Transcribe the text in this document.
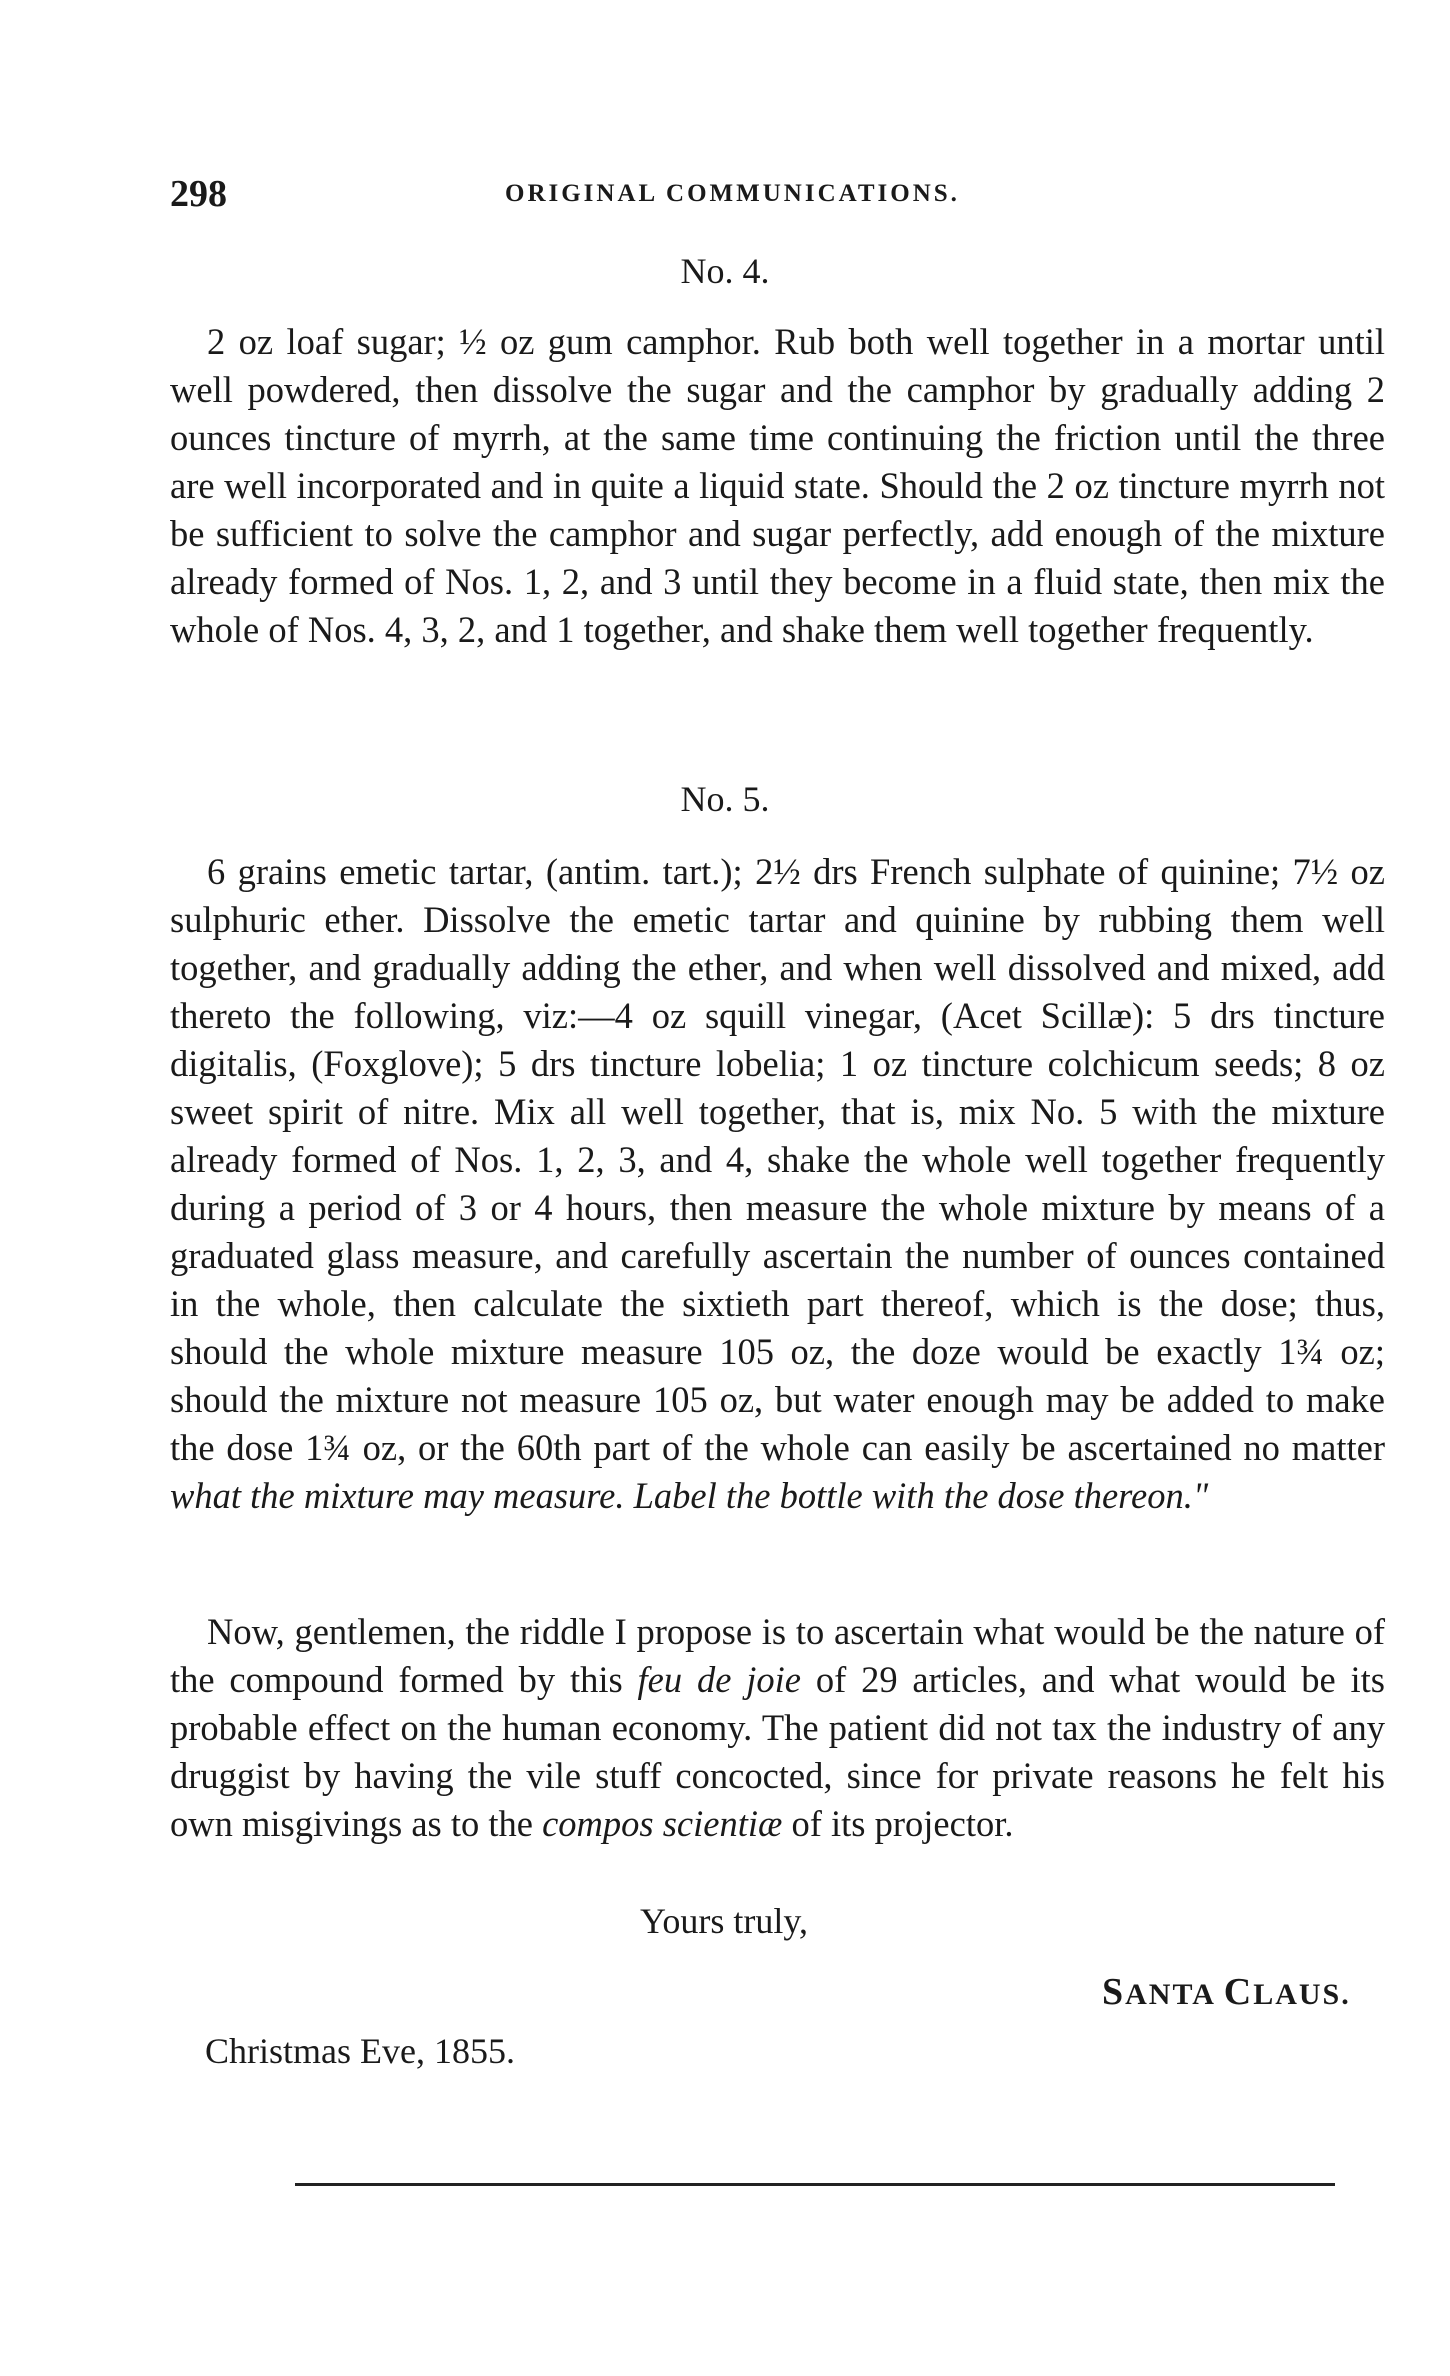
298	ORIGINAL COMMUNICATIONS.
No. 4.

2 oz loaf sugar; ½ oz gum camphor. Rub both well together in a mortar until well powdered, then dissolve the sugar and the camphor by gradually adding 2 ounces tincture of myrrh, at the same time continuing the friction until the three are well incorporated and in quite a liquid state. Should the 2 oz tincture myrrh not be sufficient to solve the camphor and sugar perfectly, add enough of the mixture already formed of Nos. 1, 2, and 3 until they become in a fluid state, then mix the whole of Nos. 4, 3, 2, and 1 together, and shake them well together frequently.

No. 5.

6 grains emetic tartar, (antim. tart.); 2½ drs French sulphate of quinine; 7½ oz sulphuric ether. Dissolve the emetic tartar and quinine by rubbing them well together, and gradually adding the ether, and when well dissolved and mixed, add thereto the following, viz:—4 oz squill vinegar, (Acet Scillæ): 5 drs tincture digitalis, (Foxglove); 5 drs tincture lobelia; 1 oz tincture colchicum seeds; 8 oz sweet spirit of nitre. Mix all well together, that is, mix No. 5 with the mixture already formed of Nos. 1, 2, 3, and 4, shake the whole well together frequently during a period of 3 or 4 hours, then measure the whole mixture by means of a graduated glass measure, and carefully ascertain the number of ounces contained in the whole, then calculate the sixtieth part thereof, which is the dose; thus, should the whole mixture measure 105 oz, the doze would be exactly 1¾ oz; should the mixture not measure 105 oz, but water enough may be added to make the dose 1¾ oz, or the 60th part of the whole can easily be ascertained no matter what the mixture may measure. Label the bottle with the dose thereon."

Now, gentlemen, the riddle I propose is to ascertain what would be the nature of the compound formed by this feu de joie of 29 articles, and what would be its probable effect on the human economy. The patient did not tax the industry of any druggist by having the vile stuff concocted, since for private reasons he felt his own misgivings as to the compos scientiæ of its projector.

Yours truly,
SANTA CLAUS.
Christmas Eve, 1855.
